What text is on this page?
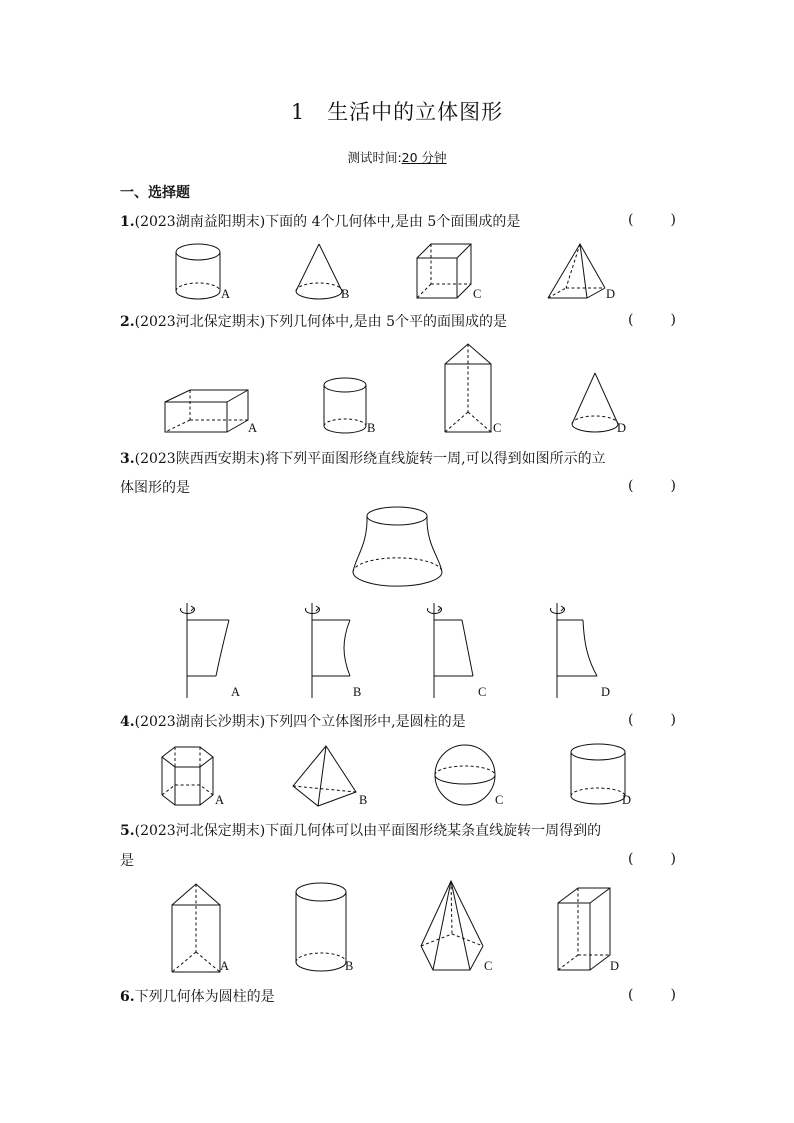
1 生活中的立体图形
测试时间:20 分钟
一、选择题
1.(2023湖南益阳期末)下面的 4个几何体中,是由 5个面围成的是	(	)
A	B	C	D
2.(2023河北保定期末)下列几何体中,是由 5个平的面围成的是	(	)
A	B	C	D
3.(2023陕西西安期末)将下列平面图形绕直线旋转一周,可以得到如图所示的立
体图形的是	(	)
A	B	C	D
4.(2023湖南长沙期末)下列四个立体图形中,是圆柱的是	(	)
A	B	C	D
5.(2023河北保定期末)下面几何体可以由平面图形绕某条直线旋转一周得到的
是	(	)
A	B	C	D
6.下列几何体为圆柱的是	(	)
